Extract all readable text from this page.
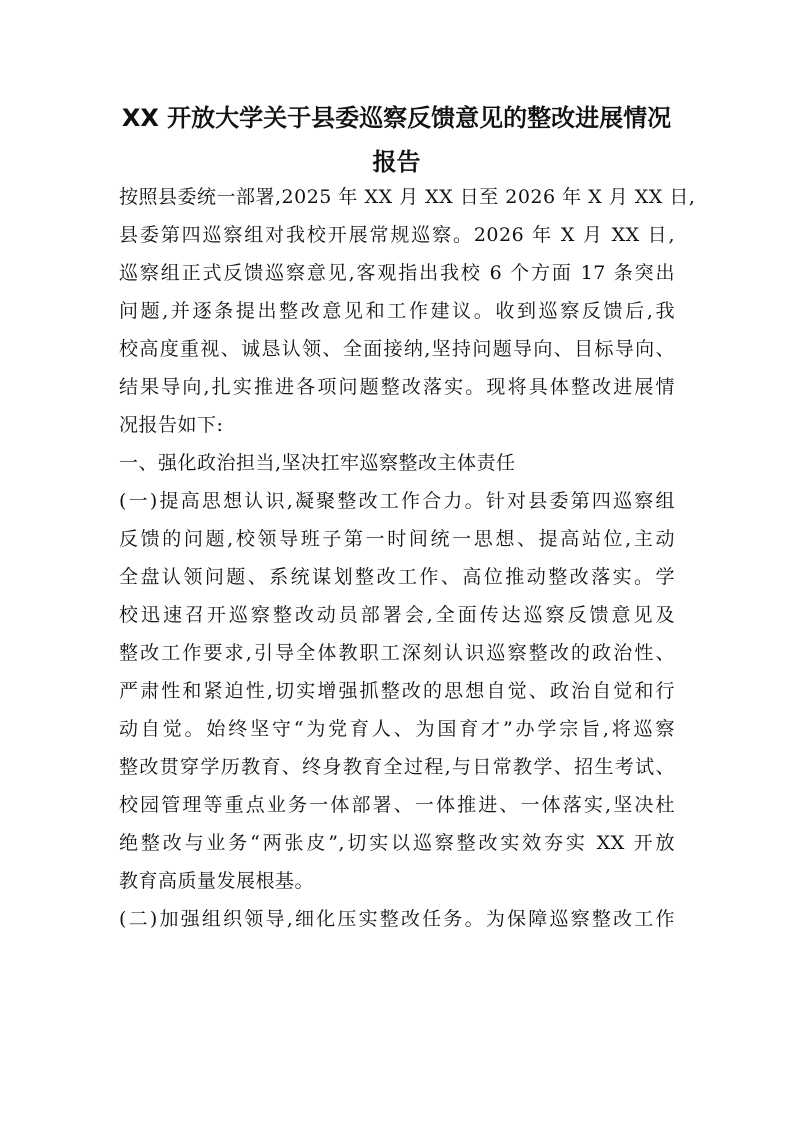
XX 开放大学关于县委巡察反馈意见的整改进展情况
报告
按照县委统一部署,2025 年 XX 月 XX 日至 2026 年 X 月 XX 日,
县委第四巡察组对我校开展常规巡察。2026 年 X 月 XX 日,
巡察组正式反馈巡察意见,客观指出我校 6 个方面 17 条突出
问题,并逐条提出整改意见和工作建议。收到巡察反馈后,我
校高度重视、诚恳认领、全面接纳,坚持问题导向、目标导向、
结果导向,扎实推进各项问题整改落实。现将具体整改进展情
况报告如下:
一、强化政治担当,坚决扛牢巡察整改主体责任
(一)提高思想认识,凝聚整改工作合力。针对县委第四巡察组
反馈的问题,校领导班子第一时间统一思想、提高站位,主动
全盘认领问题、系统谋划整改工作、高位推动整改落实。学
校迅速召开巡察整改动员部署会,全面传达巡察反馈意见及
整改工作要求,引导全体教职工深刻认识巡察整改的政治性、
严肃性和紧迫性,切实增强抓整改的思想自觉、政治自觉和行
动自觉。始终坚守“为党育人、为国育才”办学宗旨,将巡察
整改贯穿学历教育、终身教育全过程,与日常教学、招生考试、
校园管理等重点业务一体部署、一体推进、一体落实,坚决杜
绝整改与业务“两张皮”,切实以巡察整改实效夯实 XX 开放
教育高质量发展根基。
(二)加强组织领导,细化压实整改任务。为保障巡察整改工作
